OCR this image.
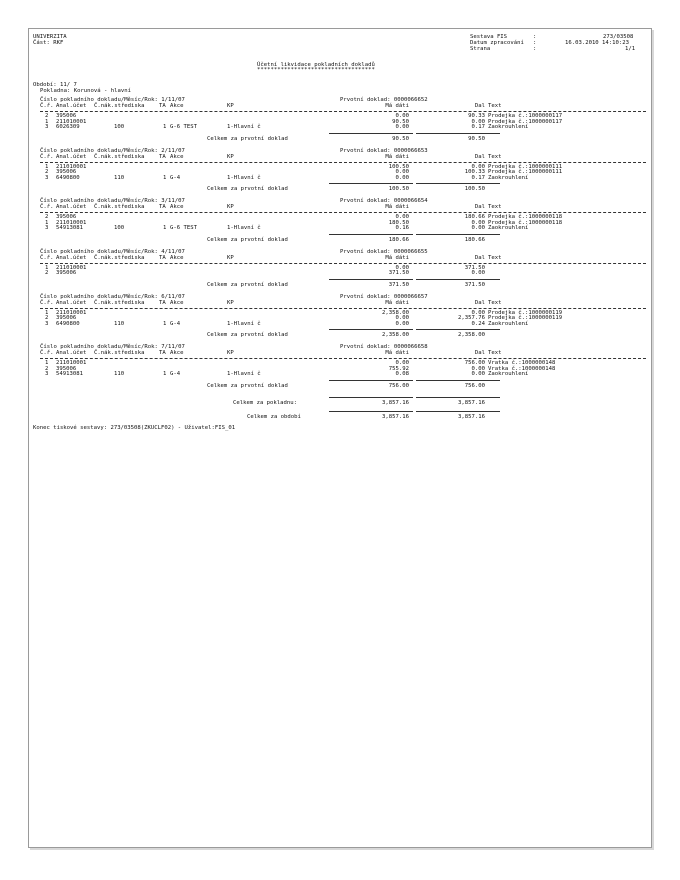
UNIVERZITA
Část: RKF
Sestava FIS	:	273/03508
Datum zpracování :	16.03.2010 14:10:23
Strana	:	1/1
Účetní likvidace pokladních dokladů
***********************************
Období: 11/ 7
Pokladna: Korunová - hlavní
Číslo pokladního dokladu/Měsíc/Rok: 1/11/07	Prvotní doklad: 0000066652
Č.ř. Anal.účet Č.nák.střediska	TA Akce	KP	Má dáti	Dal Text
2 395006	0.00	90.33 Prodejka č.:1000000117
1 211010001	90.50	0.00 Prodejka č.:1000000117
3 6026309	100	1 G-6 TEST	1-Hlavní č	0.00	0.17 Zaokrouhlení
Celkem za prvotní doklad	90.50	90.50
Číslo pokladního dokladu/Měsíc/Rok: 2/11/07	Prvotní doklad: 0000066653
Č.ř. Anal.účet Č.nák.střediska	TA Akce	KP	Má dáti	Dal Text
1 211010001	100.50	0.00 Prodejka č.:1000000111
2 395006	0.00	100.33 Prodejka č.:1000000111
3 6490800	110	1 G-4	1-Hlavní č	0.00	0.17 Zaokrouhlení
Celkem za prvotní doklad	100.50	100.50
Číslo pokladního dokladu/Měsíc/Rok: 3/11/07	Prvotní doklad: 0000066654
Č.ř. Anal.účet Č.nák.střediska	TA Akce	KP	Má dáti	Dal Text
2 395006	0.00	180.66 Prodejka č.:1000000118
1 211010001	180.50	0.00 Prodejka č.:1000000118
3 54913081	100	1 G-6 TEST	1-Hlavní č	0.16	0.00 Zaokrouhlení
Celkem za prvotní doklad	180.66	180.66
Číslo pokladního dokladu/Měsíc/Rok: 4/11/07	Prvotní doklad: 0000066655
Č.ř. Anal.účet Č.nák.střediska	TA Akce	KP	Má dáti	Dal Text
1 211010001	0.00	371.50
2 395006	371.50	0.00
Celkem za prvotní doklad	371.50	371.50
Číslo pokladního dokladu/Měsíc/Rok: 6/11/07	Prvotní doklad: 0000066657
Č.ř. Anal.účet Č.nák.střediska	TA Akce	KP	Má dáti	Dal Text
1 211010001	2,358.00	0.00 Prodejka č.:1000000119
2 395006	0.00	2,357.76 Prodejka č.:1000000119
3 6490800	110	1 G-4	1-Hlavní č	0.00	0.24 Zaokrouhlení
Celkem za prvotní doklad	2,358.00	2,358.00
Číslo pokladního dokladu/Měsíc/Rok: 7/11/07	Prvotní doklad: 0000066658
Č.ř. Anal.účet Č.nák.střediska	TA Akce	KP	Má dáti	Dal Text
1 211010001	0.00	756.00 Vratka č.:1000000148
2 395006	755.92	0.00 Vratka č.:1000000148
3 54913081	110	1 G-4	1-Hlavní č	0.08	0.00 Zaokrouhlení
Celkem za prvotní doklad	756.00	756.00
Celkem za pokladnu:	3,857.16	3,857.16
Celkem za období	3,857.16	3,857.16
Konec tiskové sestavy: 273/03508(ZKUCLF02) - Uživatel:FIS_01
